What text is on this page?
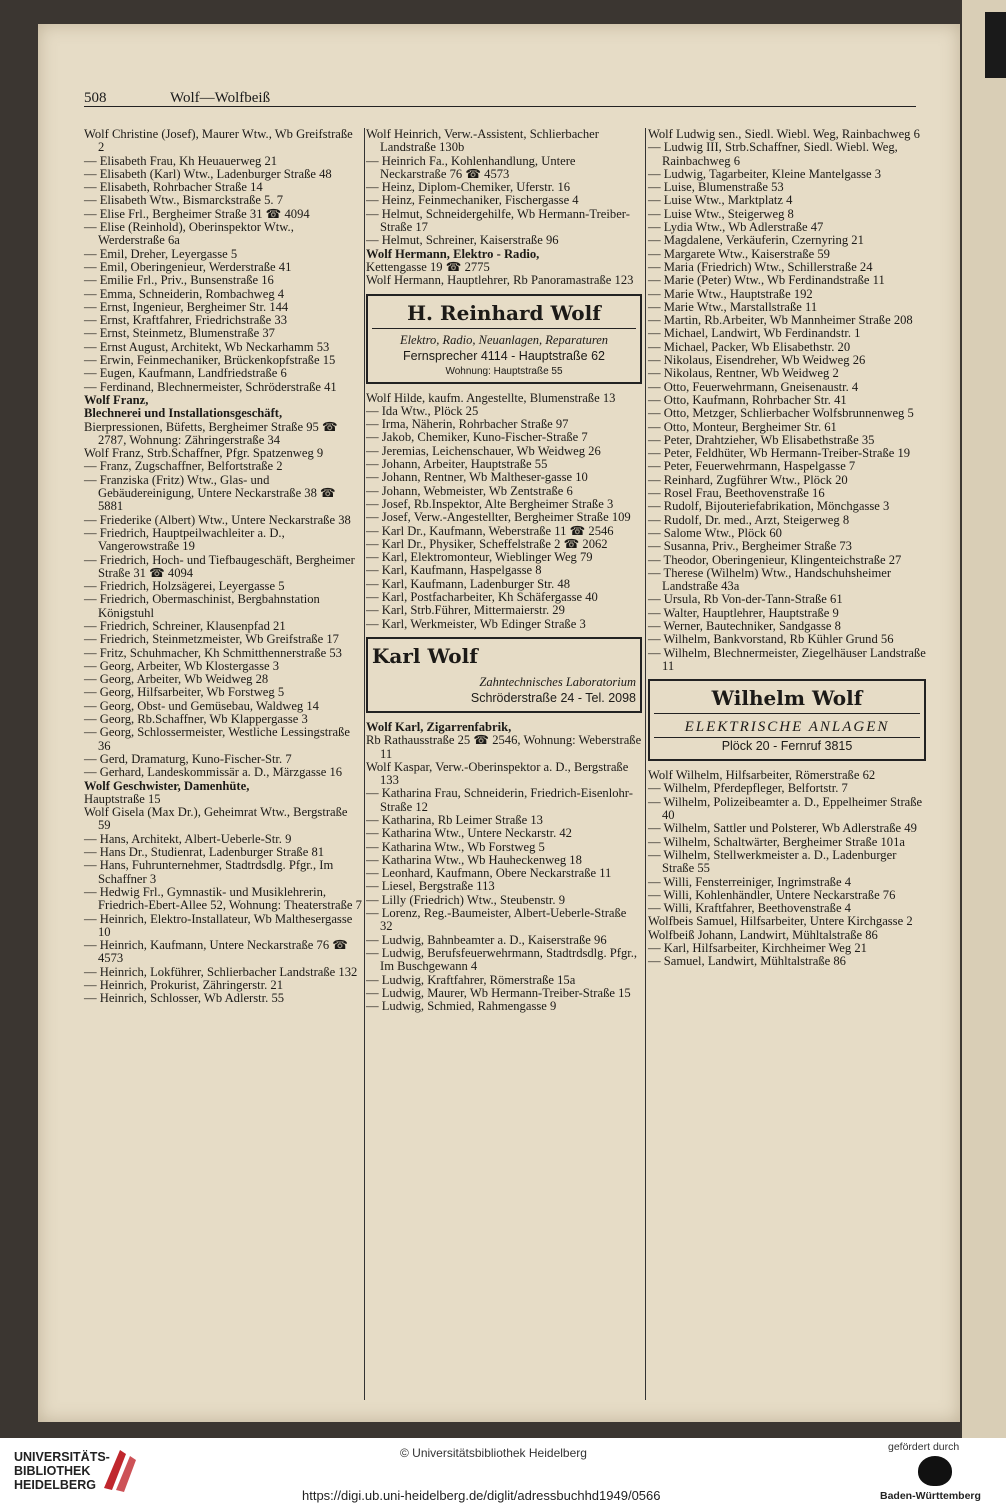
508	Wolf—Wolfbeiß
Wolf Christine (Josef), Maurer Wtw., Wb Greifstraße 2
— Elisabeth Frau, Kh Heuauerweg 21
— Elisabeth (Karl) Wtw., Ladenburger Straße 48
— Elisabeth, Rohrbacher Straße 14
— Elisabeth Wtw., Bismarckstraße 5. 7
— Elise Frl., Bergheimer Straße 31 ☎ 4094
— Elise (Reinhold), Oberinspektor Wtw., Werderstraße 6a
— Emil, Dreher, Leyergasse 5
— Emil, Oberingenieur, Werderstraße 41
— Emilie Frl., Priv., Bunsenstraße 16
— Emma, Schneiderin, Rombachweg 4
— Ernst, Ingenieur, Bergheimer Str. 144
— Ernst, Kraftfahrer, Friedrichstraße 33
— Ernst, Steinmetz, Blumenstraße 37
— Ernst August, Architekt, Wb Neckarhamm 53
— Erwin, Feinmechaniker, Brückenkopfstraße 15
— Eugen, Kaufmann, Landfriedstraße 6
— Ferdinand, Blechnermeister, Schröderstraße 41
Wolf Franz,
Blechnerei und Installationsgeschäft,
Bierpressionen, Büfetts, Bergheimer Straße 95 ☎ 2787, Wohnung: Zähringerstraße 34
Wolf Franz, Strb.Schaffner, Pfgr. Spatzenweg 9
— Franz, Zugschaffner, Belfortstraße 2
— Franziska (Fritz) Wtw., Glas- und Gebäudereinigung, Untere Neckarstraße 38 ☎ 5881
— Friederike (Albert) Wtw., Untere Neckarstraße 38
— Friedrich, Hauptpeilwachleiter a. D., Vangerowstraße 19
— Friedrich, Hoch- und Tiefbaugeschäft, Bergheimer Straße 31 ☎ 4094
— Friedrich, Holzsägerei, Leyergasse 5
— Friedrich, Obermaschinist, Bergbahnstation Königstuhl
— Friedrich, Schreiner, Klausenpfad 21
— Friedrich, Steinmetzmeister, Wb Greifstraße 17
— Fritz, Schuhmacher, Kh Schmitthennerstraße 53
— Georg, Arbeiter, Wb Klostergasse 3
— Georg, Arbeiter, Wb Weidweg 28
— Georg, Hilfsarbeiter, Wb Forstweg 5
— Georg, Obst- und Gemüsebau, Waldweg 14
— Georg, Rb.Schaffner, Wb Klappergasse 3
— Georg, Schlossermeister, Westliche Lessingstraße 36
— Gerd, Dramaturg, Kuno-Fischer-Str. 7
— Gerhard, Landeskommissär a. D., Märzgasse 16
Wolf Geschwister, Damenhüte,
Hauptstraße 15
Wolf Gisela (Max Dr.), Geheimrat Wtw., Bergstraße 59
— Hans, Architekt, Albert-Ueberle-Str. 9
— Hans Dr., Studienrat, Ladenburger Straße 81
— Hans, Fuhrunternehmer, Stadtrdsdlg. Pfgr., Im Schaffner 3
— Hedwig Frl., Gymnastik- und Musiklehrerin, Friedrich-Ebert-Allee 52, Wohnung: Theaterstraße 7
— Heinrich, Elektro-Installateur, Wb Malthesergasse 10
— Heinrich, Kaufmann, Untere Neckarstraße 76 ☎ 4573
— Heinrich, Lokführer, Schlierbacher Landstraße 132
— Heinrich, Prokurist, Zähringerstr. 21
— Heinrich, Schlosser, Wb Adlerstr. 55
Wolf Heinrich, Verw.-Assistent, Schlierbacher Landstraße 130b
— Heinrich Fa., Kohlenhandlung, Untere Neckarstraße 76 ☎ 4573
— Heinz, Diplom-Chemiker, Uferstr. 16
— Heinz, Feinmechaniker, Fischergasse 4
— Helmut, Schneidergehilfe, Wb Hermann-Treiber-Straße 17
— Helmut, Schreiner, Kaiserstraße 96
Wolf Hermann, Elektro - Radio,
Kettengasse 19 ☎ 2775
Wolf Hermann, Hauptlehrer, Rb Panoramastraße 123
H. Reinhard Wolf
Elektro, Radio, Neuanlagen, Reparaturen
Fernsprecher 4114 - Hauptstraße 62
Wohnung: Hauptstraße 55
Wolf Hilde, kaufm. Angestellte, Blumenstraße 13
— Ida Wtw., Plöck 25
— Irma, Näherin, Rohrbacher Straße 97
— Jakob, Chemiker, Kuno-Fischer-Straße 7
— Jeremias, Leichenschauer, Wb Weidweg 26
— Johann, Arbeiter, Hauptstraße 55
— Johann, Rentner, Wb Maltheser-gasse 10
— Johann, Webmeister, Wb Zentstraße 6
— Josef, Rb.Inspektor, Alte Bergheimer Straße 3
— Josef, Verw.-Angestellter, Bergheimer Straße 109
— Karl Dr., Kaufmann, Weberstraße 11 ☎ 2546
— Karl Dr., Physiker, Scheffelstraße 2 ☎ 2062
— Karl, Elektromonteur, Wieblinger Weg 79
— Karl, Kaufmann, Haspelgasse 8
— Karl, Kaufmann, Ladenburger Str. 48
— Karl, Postfacharbeiter, Kh Schäfergasse 40
— Karl, Strb.Führer, Mittermaierstr. 29
— Karl, Werkmeister, Wb Edinger Straße 3
Karl Wolf
Zahntechnisches Laboratorium
Schröderstraße 24 - Tel. 2098
Wolf Karl, Zigarrenfabrik,
Rb Rathausstraße 25 ☎ 2546, Wohnung: Weberstraße 11
Wolf Kaspar, Verw.-Oberinspektor a. D., Bergstraße 133
— Katharina Frau, Schneiderin, Friedrich-Eisenlohr-Straße 12
— Katharina, Rb Leimer Straße 13
— Katharina Wtw., Untere Neckarstr. 42
— Katharina Wtw., Wb Forstweg 5
— Katharina Wtw., Wb Hauheckenweg 18
— Leonhard, Kaufmann, Obere Neckarstraße 11
— Liesel, Bergstraße 113
— Lilly (Friedrich) Wtw., Steubenstr. 9
— Lorenz, Reg.-Baumeister, Albert-Ueberle-Straße 32
— Ludwig, Bahnbeamter a. D., Kaiserstraße 96
— Ludwig, Berufsfeuerwehrmann, Stadtrdsdlg. Pfgr., Im Buschgewann 4
— Ludwig, Kraftfahrer, Römerstraße 15a
— Ludwig, Maurer, Wb Hermann-Treiber-Straße 15
— Ludwig, Schmied, Rahmengasse 9
Wolf Ludwig sen., Siedl. Wiebl. Weg, Rainbachweg 6
— Ludwig III, Strb.Schaffner, Siedl. Wiebl. Weg, Rainbachweg 6
— Ludwig, Tagarbeiter, Kleine Mantelgasse 3
— Luise, Blumenstraße 53
— Luise Wtw., Marktplatz 4
— Luise Wtw., Steigerweg 8
— Lydia Wtw., Wb Adlerstraße 47
— Magdalene, Verkäuferin, Czernyring 21
— Margarete Wtw., Kaiserstraße 59
— Maria (Friedrich) Wtw., Schillerstraße 24
— Marie (Peter) Wtw., Wb Ferdinandstraße 11
— Marie Wtw., Hauptstraße 192
— Marie Wtw., Marstallstraße 11
— Martin, Rb.Arbeiter, Wb Mannheimer Straße 208
— Michael, Landwirt, Wb Ferdinandstr. 1
— Michael, Packer, Wb Elisabethstr. 20
— Nikolaus, Eisendreher, Wb Weidweg 26
— Nikolaus, Rentner, Wb Weidweg 2
— Otto, Feuerwehrmann, Gneisenaustr. 4
— Otto, Kaufmann, Rohrbacher Str. 41
— Otto, Metzger, Schlierbacher Wolfsbrunnenweg 5
— Otto, Monteur, Bergheimer Str. 61
— Peter, Drahtzieher, Wb Elisabethstraße 35
— Peter, Feldhüter, Wb Hermann-Treiber-Straße 19
— Peter, Feuerwehrmann, Haspelgasse 7
— Reinhard, Zugführer Wtw., Plöck 20
— Rosel Frau, Beethovenstraße 16
— Rudolf, Bijouteriefabrikation, Mönchgasse 3
— Rudolf, Dr. med., Arzt, Steigerweg 8
— Salome Wtw., Plöck 60
— Susanna, Priv., Bergheimer Straße 73
— Theodor, Oberingenieur, Klingenteichstraße 27
— Therese (Wilhelm) Wtw., Handschuhsheimer Landstraße 43a
— Ursula, Rb Von-der-Tann-Straße 61
— Walter, Hauptlehrer, Hauptstraße 9
— Werner, Bautechniker, Sandgasse 8
— Wilhelm, Bankvorstand, Rb Kühler Grund 56
— Wilhelm, Blechnermeister, Ziegelhäuser Landstraße 11
Wilhelm Wolf
ELEKTRISCHE ANLAGEN
Plöck 20 - Fernruf 3815
Wolf Wilhelm, Hilfsarbeiter, Römerstraße 62
— Wilhelm, Pferdepfleger, Belfortstr. 7
— Wilhelm, Polizeibeamter a. D., Eppelheimer Straße 40
— Wilhelm, Sattler und Polsterer, Wb Adlerstraße 49
— Wilhelm, Schaltwärter, Bergheimer Straße 101a
— Wilhelm, Stellwerkmeister a. D., Ladenburger Straße 55
— Willi, Fensterreiniger, Ingrimstraße 4
— Willi, Kohlenhändler, Untere Neckarstraße 76
— Willi, Kraftfahrer, Beethovenstraße 4
Wolfbeis Samuel, Hilfsarbeiter, Untere Kirchgasse 2
Wolfbeiß Johann, Landwirt, Mühltalstraße 86
— Karl, Hilfsarbeiter, Kirchheimer Weg 21
— Samuel, Landwirt, Mühltalstraße 86
UNIVERSITÄTS-
BIBLIOTHEK
HEIDELBERG
© Universitätsbibliothek Heidelberg
https://digi.ub.uni-heidelberg.de/diglit/adressbuchhd1949/0566
gefördert durch
Baden-Württemberg
